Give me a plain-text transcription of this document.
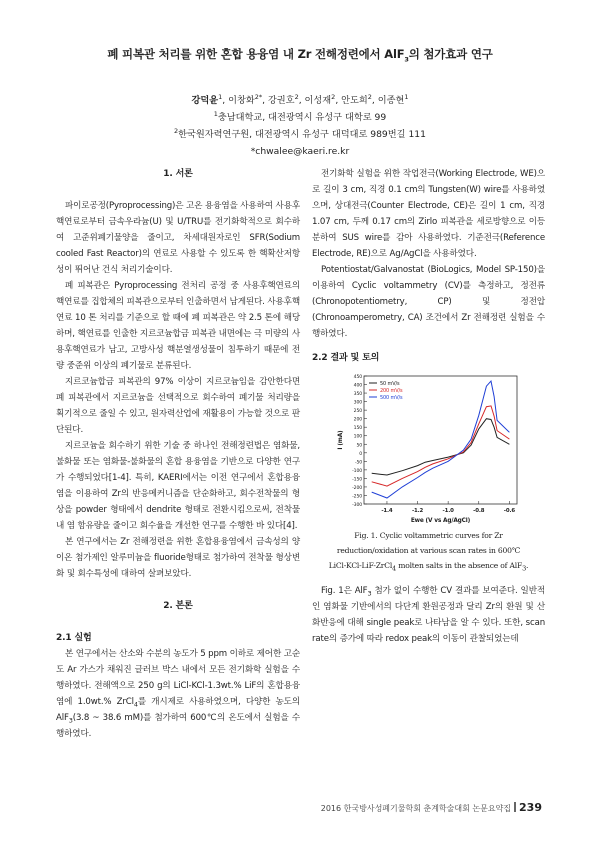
폐 피복관 처리를 위한 혼합 용융염 내 Zr 전해정련에서 AlF$_3$의 첨가효과 연구
강덕윤$^1$, 이창화$^{2*}$, 강권호$^2$, 이성재$^2$, 안도희$^2$, 이종현$^1$
$^1$충남대학교, 대전광역시 유성구 대학로 99
$^2$한국원자력연구원, 대전광역시 유성구 대덕대로 989번길 111
*chwalee@kaeri.re.kr
1. 서론

파이로공정(Pyroprocessing)은 고온 용융염을 사용하여 사용후핵연료로부터 금속우라늄(U) 및 U/TRU를 전기화학적으로 회수하여 고준위폐기물양을 줄이고, 차세대원자로인 SFR(Sodium cooled Fast Reactor)의 연료로 사용할 수 있도록 한 핵확산저항성이 뛰어난 건식 처리기술이다.

폐 피복관은 Pyroprocessing 전처리 공정 중 사용후핵연료의 핵연료를 집합체의 피복관으로부터 인출하면서 남게된다. 사용후핵연료 10 톤 처리를 기준으로 할 때에 폐 피복관은 약 2.5 톤에 해당하며, 핵연료를 인출한 지르코늄합금 피복관 내면에는 극 미량의 사용후핵연료가 남고, 고방사성 핵분열생성물이 침투하기 때문에 전량 중준위 이상의 폐기물로 분류된다.

지르코늄합금 피복관의 97% 이상이 지르코늄임을 감안한다면 폐 피복관에서 지르코늄을 선택적으로 회수하여 폐기물 처리량을 획기적으로 줄일 수 있고, 원자력산업에 재활용이 가능할 것으로 판단된다.

지르코늄을 회수하기 위한 기술 중 하나인 전해정련법은 염화물, 불화물 또는 염화물-불화물의 혼합 용융염을 기반으로 다양한 연구가 수행되었다[1-4]. 특히, KAERI에서는 이전 연구에서 혼합용융염을 이용하여 Zr의 반응메커니즘을 단순화하고, 회수전착물의 형상을 powder 형태에서 dendrite 형태로 전환시킴으로써, 전착물 내 염 함유량을 줄이고 회수율을 개선한 연구를 수행한 바 있다[4].

본 연구에서는 Zr 전해정련을 위한 혼합용융염에서 금속성의 양이온 첨가제인 알루미늄을 fluoride형태로 첨가하여 전착물 형상변화 및 회수특성에 대하여 살펴보았다.

2. 본론
2.1 실험

본 연구에서는 산소와 수분의 농도가 5 ppm 이하로 제어한 고순도 Ar 가스가 채워진 글러브 박스 내에서 모든 전기화학 실험을 수행하였다. 전해액으로 250 g의 LiCl-KCl-1.3wt.% LiF의 혼합용융염에 1.0wt.% ZrCl$_4$를 개시제로 사용하였으며, 다양한 농도의 AlF$_3$(3.8 ~ 38.6 mM)를 첨가하여 600℃의 온도에서 실험을 수행하였다.

전기화학 실험을 위한 작업전극(Working Electrode, WE)으로 길이 3 cm, 직경 0.1 cm의 Tungsten(W) wire를 사용하였으며, 상대전극(Counter Electrode, CE)은 길이 1 cm, 직경 1.07 cm, 두께 0.17 cm의 Zirlo 피복관을 세로방향으로 이등분하여 SUS wire를 감아 사용하였다. 기준전극(Reference Electrode, RE)으로 Ag/AgCl을 사용하였다.

Potentiostat/Galvanostat (BioLogics, Model SP-150)을 이용하여 Cyclic voltammetry (CV)를 측정하고, 정전류(Chronopotentiometry, CP) 및 정전압(Chronoamperometry, CA) 조건에서 Zr 전해정련 실험을 수행하였다.

2.2 결과 및 토의
-300
-250
-200
-150
-100
-50
0
50
100
150
200
250
300
350
400
450
-1.4	-1.2	-1.0	-0.8	-0.6
Ewe (V vs Ag/AgCl)
I (mA)
50 mV/s
200 mV/s
500 mV/s
Fig. 1. Cyclic voltammetric curves for Zr
reduction/oxidation at various scan rates in 600℃
LiCl-KCl-LiF-ZrCl$_4$ molten salts in the absence of AlF$_3$.

Fig. 1은 AlF$_3$ 첨가 없이 수행한 CV 결과를 보여준다. 일반적인 염화물 기반에서의 다단계 환원공정과 달리 Zr의 환원 및 산화반응에 대해 single peak로 나타남을 알 수 있다. 또한, scan rate의 증가에 따라 redox peak의 이동이 관찰되었는데

2016 한국방사성폐기물학회 춘계학술대회 논문요약집 239
